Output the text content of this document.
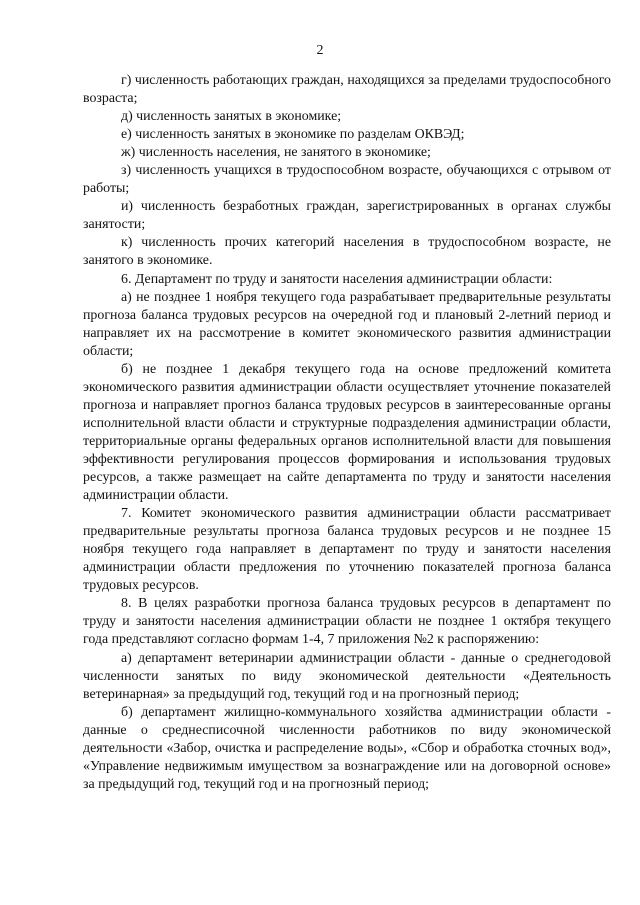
2

г) численность работающих граждан, находящихся за пределами трудоспособного возраста;

д) численность занятых в экономике;

е) численность занятых в экономике по разделам ОКВЭД;

ж) численность населения, не занятого в экономике;

з) численность учащихся в трудоспособном возрасте, обучающихся с отрывом от работы;

и) численность безработных граждан, зарегистрированных в органах службы занятости;

к) численность прочих категорий населения в трудоспособном возрасте, не занятого в экономике.

6. Департамент по труду и занятости населения администрации области:

а) не позднее 1 ноября текущего года разрабатывает предварительные результаты прогноза баланса трудовых ресурсов на очередной год и плановый 2-летний период и направляет их на рассмотрение в комитет экономического развития администрации области;

б) не позднее 1 декабря текущего года на основе предложений комитета экономического развития администрации области осуществляет уточнение показателей прогноза и направляет прогноз баланса трудовых ресурсов в заинтересованные органы исполнительной власти области и структурные подразделения администрации области, территориальные органы федеральных органов исполнительной власти для повышения эффективности регулирования процессов формирования и использования трудовых ресурсов, а также размещает на сайте департамента по труду и занятости населения администрации области.

7. Комитет экономического развития администрации области рассматривает предварительные результаты прогноза баланса трудовых ресурсов и не позднее 15 ноября текущего года направляет в департамент по труду и занятости населения администрации области предложения по уточнению показателей прогноза баланса трудовых ресурсов.

8. В целях разработки прогноза баланса трудовых ресурсов в департамент по труду и занятости населения администрации области не позднее 1 октября текущего года представляют согласно формам 1-4, 7 приложения №2 к распоряжению:

а) департамент ветеринарии администрации области - данные о среднегодовой численности занятых по виду экономической деятельности «Деятельность ветеринарная» за предыдущий год, текущий год и на прогнозный период;

б) департамент жилищно-коммунального хозяйства администрации области - данные о среднесписочной численности работников по виду экономической деятельности «Забор, очистка и распределение воды», «Сбор и обработка сточных вод», «Управление недвижимым имуществом за вознаграждение или на договорной основе» за предыдущий год, текущий год и на прогнозный период;
